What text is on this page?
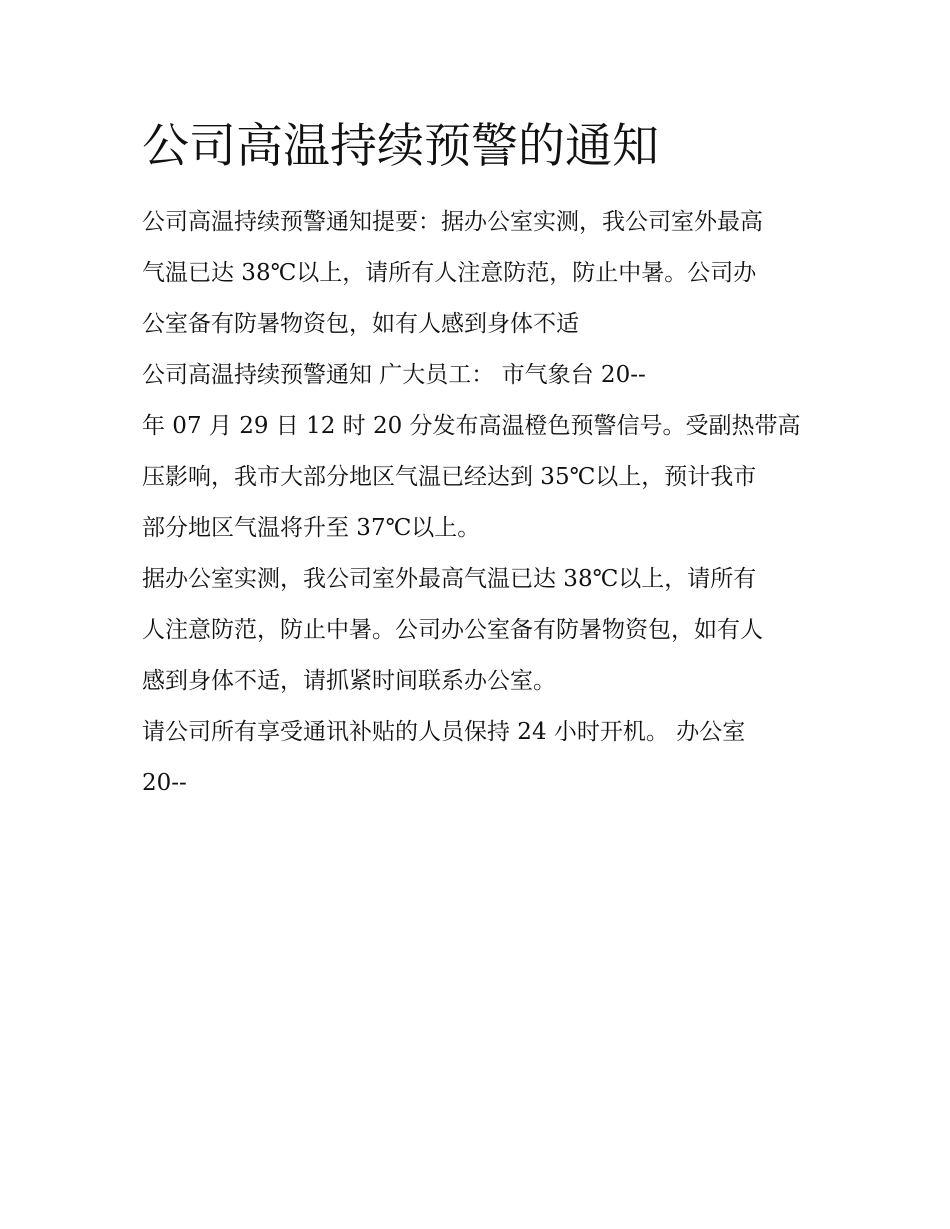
公司高温持续预警的通知
公司高温持续预警通知提要：据办公室实测，我公司室外最高
气温已达 38℃以上，请所有人注意防范，防止中暑。公司办
公室备有防暑物资包，如有人感到身体不适
公司高温持续预警通知 广大员工： 市气象台 20--
年 07 月 29 日 12 时 20 分发布高温橙色预警信号。受副热带高
压影响，我市大部分地区气温已经达到 35℃以上，预计我市
部分地区气温将升至 37℃以上。
据办公室实测，我公司室外最高气温已达 38℃以上，请所有
人注意防范，防止中暑。公司办公室备有防暑物资包，如有人
感到身体不适，请抓紧时间联系办公室。
请公司所有享受通讯补贴的人员保持 24 小时开机。 办公室
20--
